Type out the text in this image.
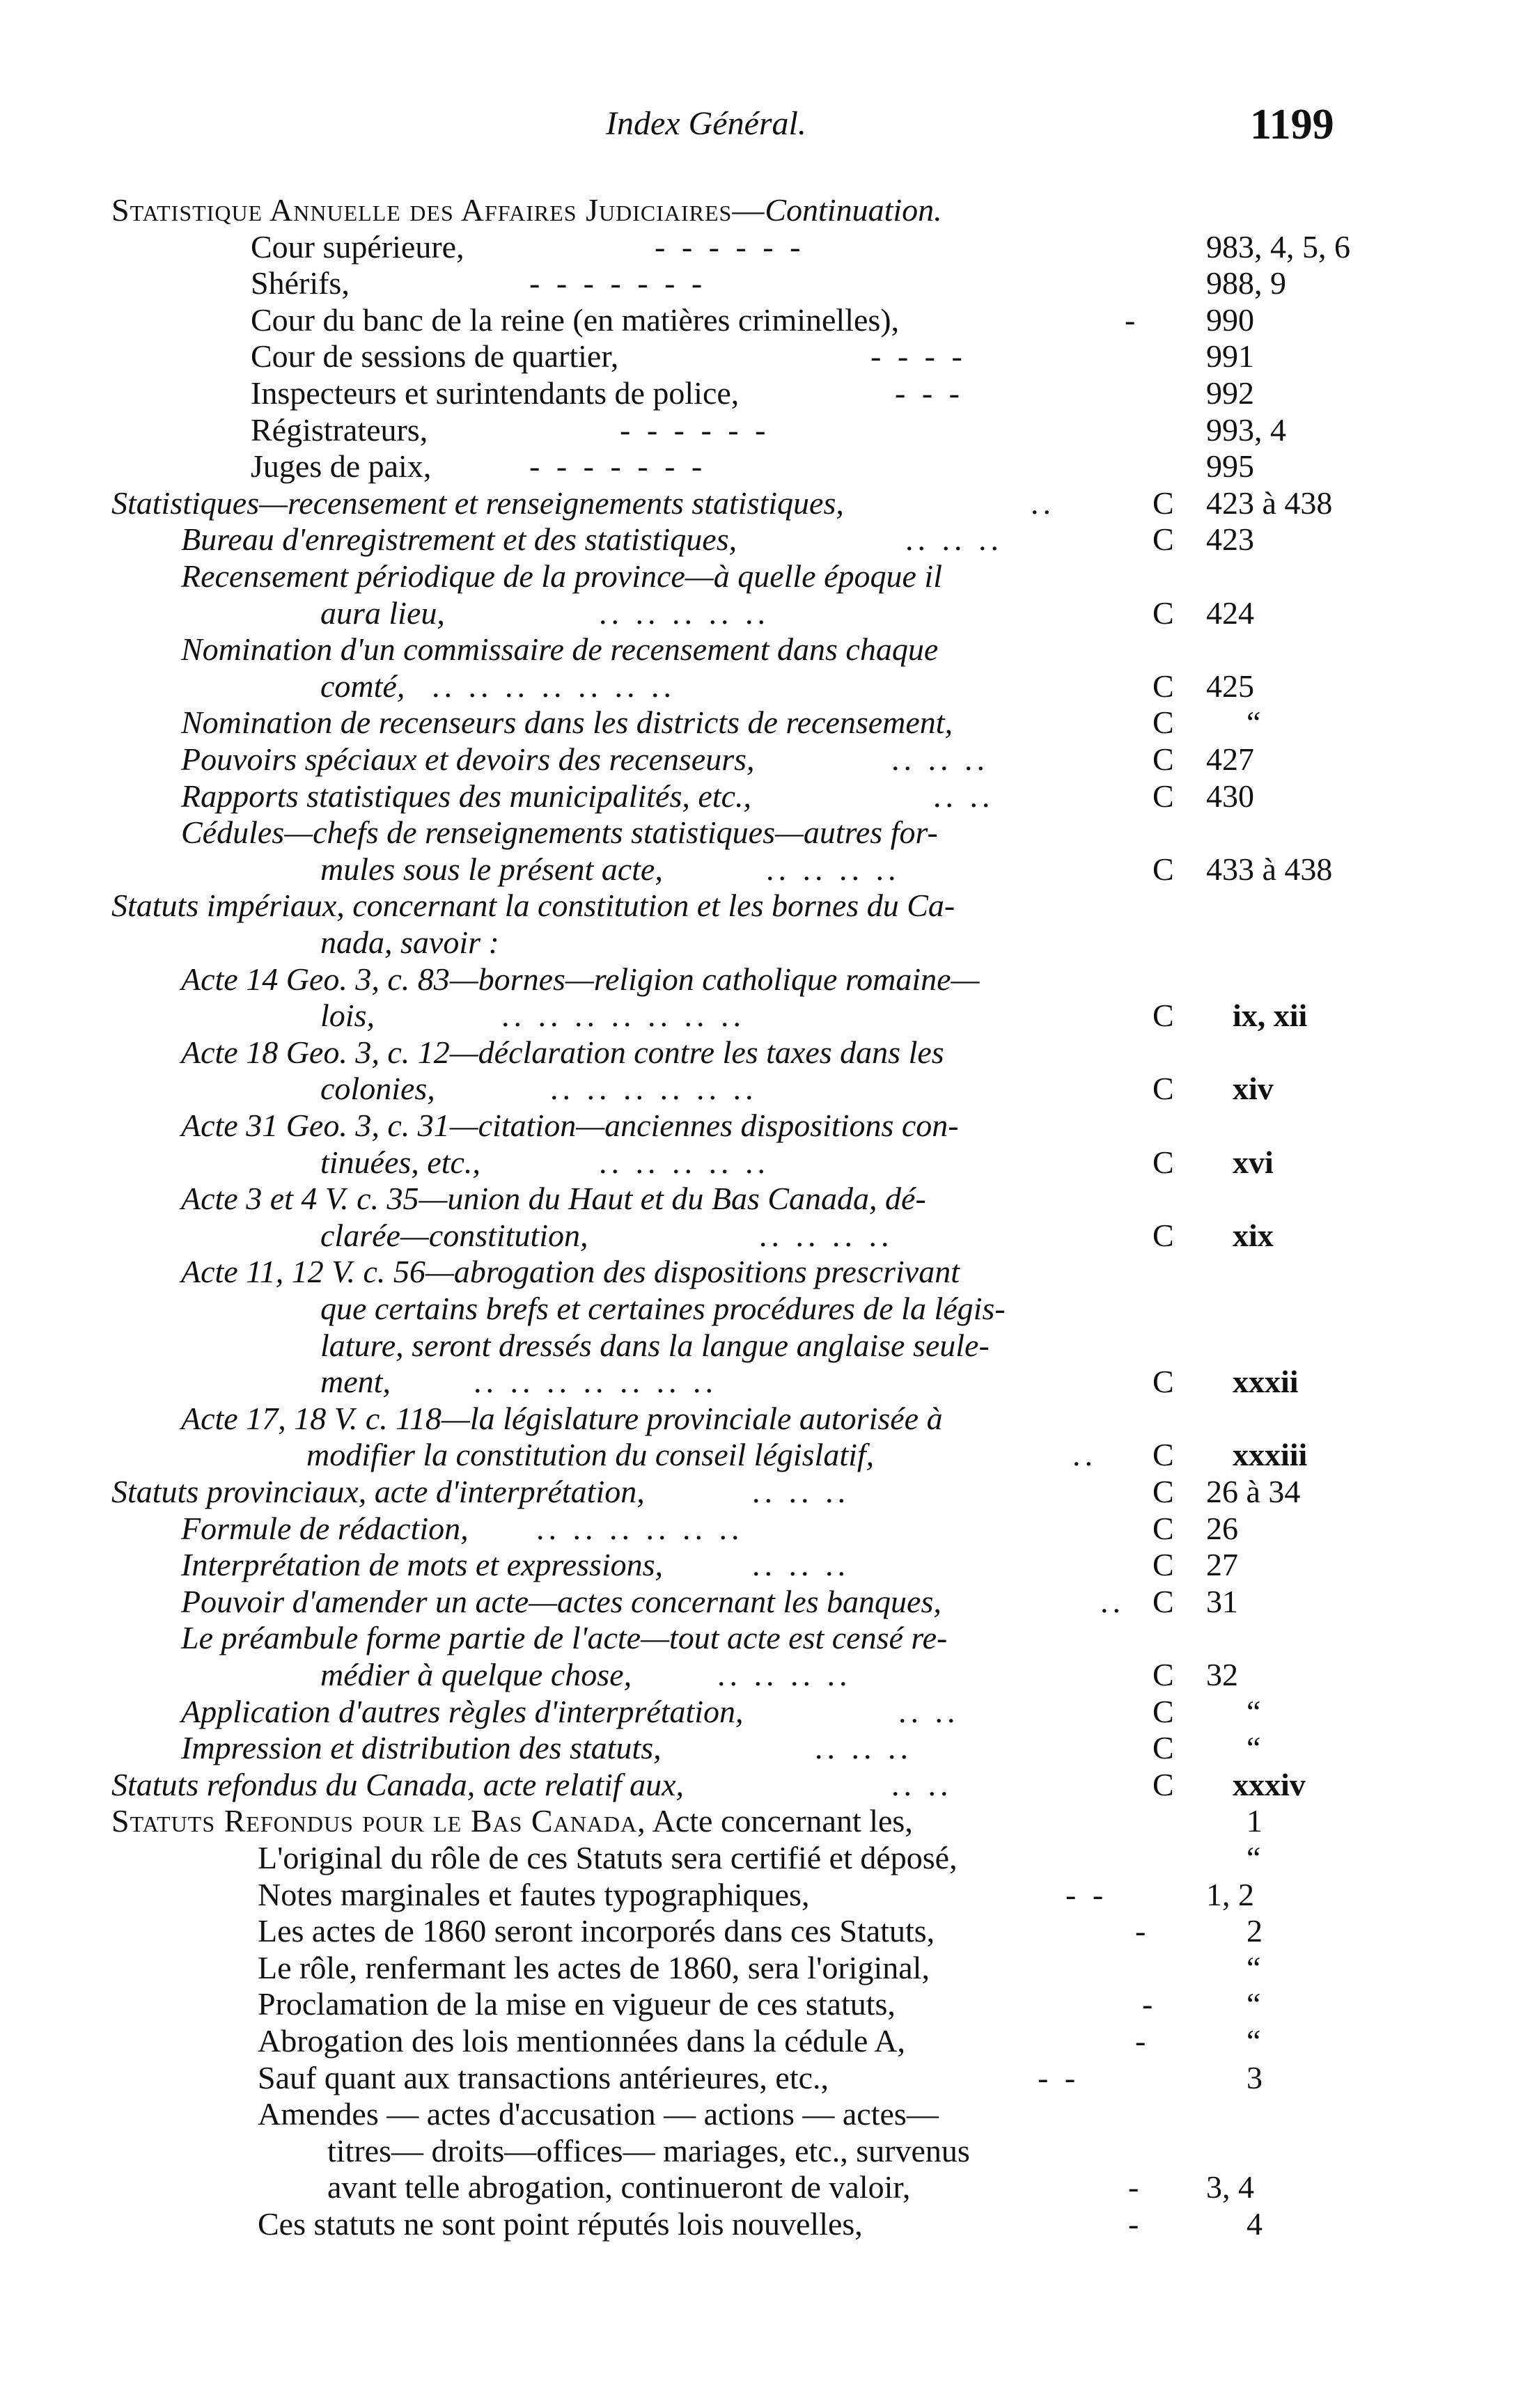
Index Général.	1199
Statistique Annuelle des Affaires Judiciaires—Continuation.
Cour supérieure,	- - - - - -	983, 4, 5, 6
Shérifs,	- - - - - - -	988, 9
Cour du banc de la reine (en matières criminelles),	- 990
Cour de sessions de quartier,	- - - -	991
Inspecteurs et surintendants de police,	- - -	992
Régistrateurs,	- - - - - -	993, 4
Juges de paix,	- - - - - - -	995
Statistiques—recensement et renseignements statistiques,	..	C 423 à 438
Bureau d'enregistrement et des statistiques,	.. .. ..	C 423
Recensement périodique de la province—à quelle époque il
aura lieu,	.. .. .. .. ..	C 424
Nomination d'un commissaire de recensement dans chaque
comté, .. .. .. .. .. .. ..	C 425
Nomination de recenseurs dans les districts de recensement,	C “
Pouvoirs spéciaux et devoirs des recenseurs,	.. .. ..	C 427
Rapports statistiques des municipalités, etc.,	.. ..	C 430
Cédules—chefs de renseignements statistiques—autres for-
mules sous le présent acte,	.. .. .. ..	C 433 à 438
Statuts impériaux, concernant la constitution et les bornes du Ca-
nada, savoir :
Acte 14 Geo. 3, c. 83—bornes—religion catholique romaine—
lois,	.. .. .. .. .. .. ..	C ix, xii
Acte 18 Geo. 3, c. 12—déclaration contre les taxes dans les
colonies,	.. .. .. .. .. ..	C xiv
Acte 31 Geo. 3, c. 31—citation—anciennes dispositions con-
tinuées, etc.,	.. .. .. .. ..	C xvi
Acte 3 et 4 V. c. 35—union du Haut et du Bas Canada, dé-
clarée—constitution,	.. .. .. ..	C xix
Acte 11, 12 V. c. 56—abrogation des dispositions prescrivant
que certains brefs et certaines procédures de la légis-
lature, seront dressés dans la langue anglaise seule-
ment,	.. .. .. .. .. .. ..	C xxxii
Acte 17, 18 V. c. 118—la législature provinciale autorisée à
modifier la constitution du conseil législatif,	.. C xxxiii
Statuts provinciaux, acte d'interprétation,	.. .. ..	C 26 à 34
Formule de rédaction, .. .. .. .. .. ..	C 26
Interprétation de mots et expressions,	.. .. ..	C 27
Pouvoir d'amender un acte—actes concernant les banques,	.. C 31
Le préambule forme partie de l'acte—tout acte est censé re-
médier à quelque chose,	.. .. .. ..	C 32
Application d'autres règles d'interprétation,	.. ..	C “
Impression et distribution des statuts,	.. .. ..	C “
Statuts refondus du Canada, acte relatif aux,	.. ..	C xxxiv
Statuts Refondus pour le Bas Canada, Acte concernant les,	1
L'original du rôle de ces Statuts sera certifié et déposé,	“
Notes marginales et fautes typographiques,	- -	1, 2
Les actes de 1860 seront incorporés dans ces Statuts,	-	2
Le rôle, renfermant les actes de 1860, sera l'original,	“
Proclamation de la mise en vigueur de ces statuts,	-	“
Abrogation des lois mentionnées dans la cédule A,	-	“
Sauf quant aux transactions antérieures, etc.,	- -	3
Amendes — actes d'accusation — actions — actes—
titres— droits—offices— mariages, etc., survenus
avant telle abrogation, continueront de valoir,	- 3, 4
Ces statuts ne sont point réputés lois nouvelles,	-	4
